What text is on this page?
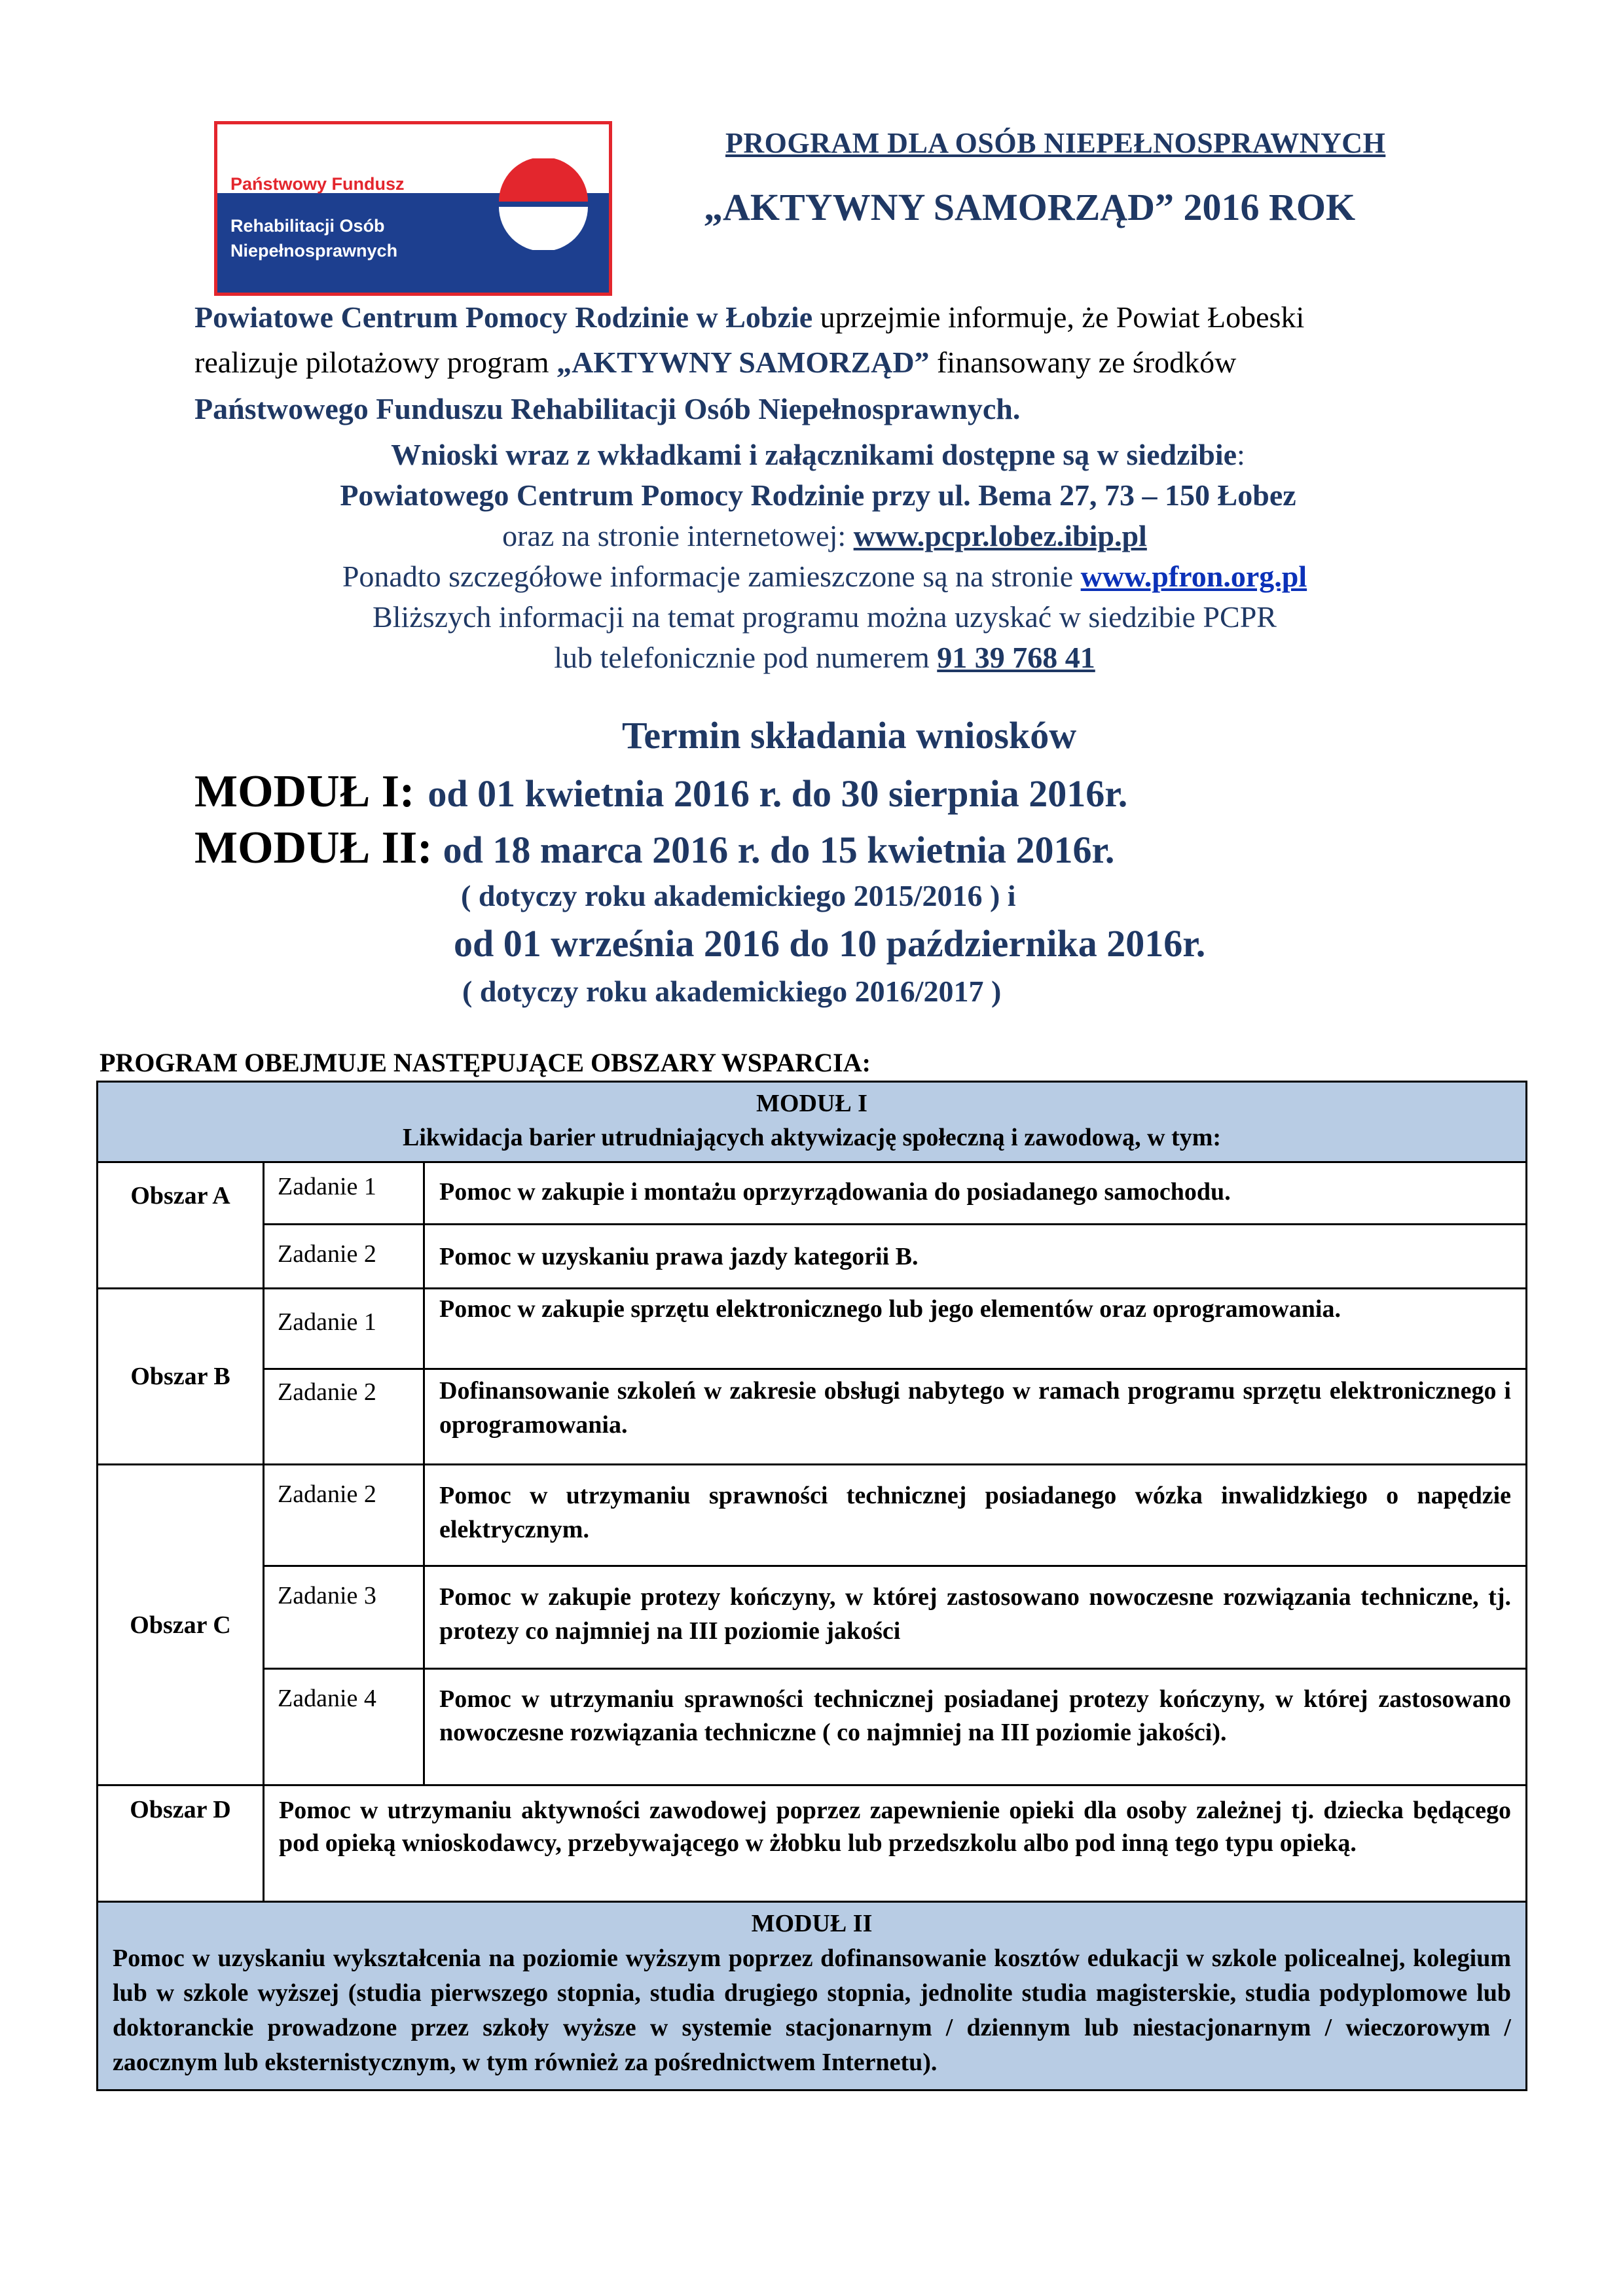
Państwowy Fundusz
Rehabilitacji Osób
Niepełnosprawnych
PROGRAM DLA OSÓB NIEPEŁNOSPRAWNYCH
„AKTYWNY SAMORZĄD” 2016 ROK
Powiatowe Centrum Pomocy Rodzinie w Łobzie uprzejmie informuje, że Powiat Łobeski
realizuje pilotażowy program „AKTYWNY SAMORZĄD” finansowany ze środków
Państwowego Funduszu Rehabilitacji Osób Niepełnosprawnych.
Wnioski wraz z wkładkami i załącznikami dostępne są w siedzibie:
Powiatowego Centrum Pomocy Rodzinie przy ul. Bema 27, 73 – 150 Łobez
oraz na stronie internetowej: www.pcpr.lobez.ibip.pl
Ponadto szczegółowe informacje zamieszczone są na stronie www.pfron.org.pl
Bliższych informacji na temat programu można uzyskać w siedzibie PCPR
lub telefonicznie pod numerem 91 39 768 41
Termin składania wniosków
MODUŁ I: od 01 kwietnia 2016 r. do 30 sierpnia 2016r.
MODUŁ II: od 18 marca 2016 r. do 15 kwietnia 2016r.
( dotyczy roku akademickiego 2015/2016 ) i
od 01 września 2016 do 10 października 2016r.
( dotyczy roku akademickiego 2016/2017 )
PROGRAM OBEJMUJE NASTĘPUJĄCE OBSZARY WSPARCIA:
MODUŁ I
Likwidacja barier utrudniających aktywizację społeczną i zawodową, w tym:		

Obszar A	Zadanie 1	Pomoc w zakupie i montażu oprzyrządowania do posiadanego samochodu.
	Zadanie 2	Pomoc w uzyskaniu prawa jazdy kategorii B.
Obszar B	Zadanie 1	Pomoc w zakupie sprzętu elektronicznego lub jego elementów oraz oprogramowania.
	Zadanie 2	Dofinansowanie szkoleń w zakresie obsługi nabytego w ramach programu sprzętu elektronicznego i oprogramowania.
Obszar C	Zadanie 2	Pomoc w utrzymaniu sprawności technicznej posiadanego wózka inwalidzkiego o napędzie elektrycznym.
	Zadanie 3	Pomoc w zakupie protezy kończyny, w której zastosowano nowoczesne rozwiązania techniczne, tj. protezy co najmniej na III poziomie jakości
	Zadanie 4	Pomoc w utrzymaniu sprawności technicznej posiadanej protezy kończyny, w której zastosowano nowoczesne rozwiązania techniczne ( co najmniej na III poziomie jakości).
Obszar D	Pomoc w utrzymaniu aktywności zawodowej poprzez zapewnienie opieki dla osoby zależnej tj. dziecka będącego pod opieką wnioskodawcy, przebywającego w żłobku lub przedszkolu albo pod inną tego typu opieką.	

MODUŁ II
Pomoc w uzyskaniu wykształcenia na poziomie wyższym poprzez dofinansowanie kosztów edukacji w szkole policealnej, kolegium lub w szkole wyższej (studia pierwszego stopnia, studia drugiego stopnia, jednolite studia magisterskie, studia podyplomowe lub doktoranckie prowadzone przez szkoły wyższe w systemie stacjonarnym / dziennym lub niestacjonarnym / wieczorowym / zaocznym lub eksternistycznym, w tym również za pośrednictwem Internetu).		
